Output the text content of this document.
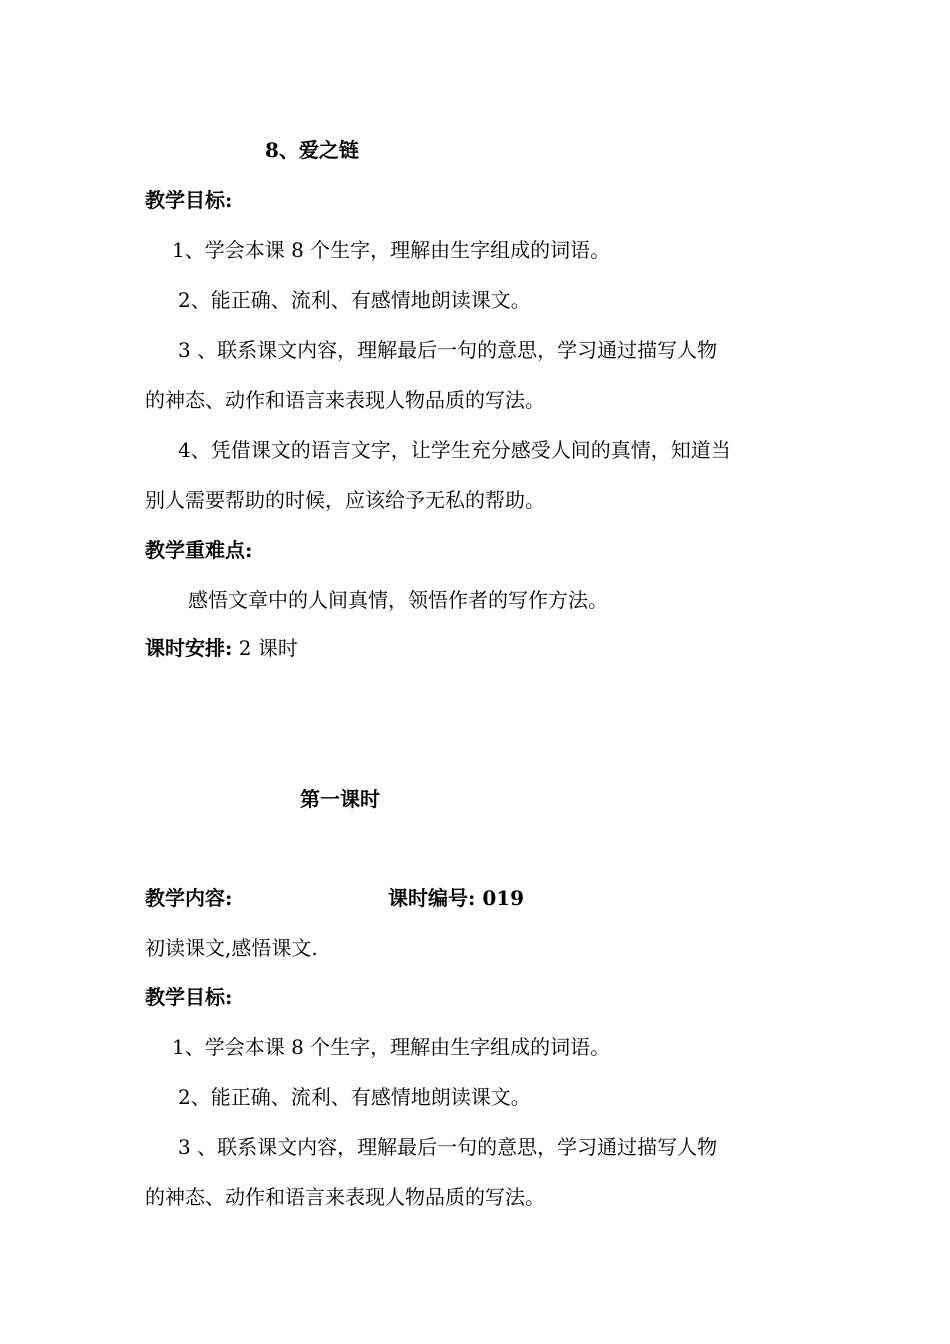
8、爱之链
教学目标:
1、学会本课 8 个生字，理解由生字组成的词语。
2、能正确、流利、有感情地朗读课文。
3 、联系课文内容，理解最后一句的意思，学习通过描写人物
的神态、动作和语言来表现人物品质的写法。
4、凭借课文的语言文字，让学生充分感受人间的真情，知道当
别人需要帮助的时候，应该给予无私的帮助。
教学重难点:
感悟文章中的人间真情，领悟作者的写作方法。
课时安排: 2 课时
第一课时
教学内容:	课时编号: 019
初读课文,感悟课文.
教学目标:
1、学会本课 8 个生字，理解由生字组成的词语。
2、能正确、流利、有感情地朗读课文。
3 、联系课文内容，理解最后一句的意思，学习通过描写人物
的神态、动作和语言来表现人物品质的写法。
